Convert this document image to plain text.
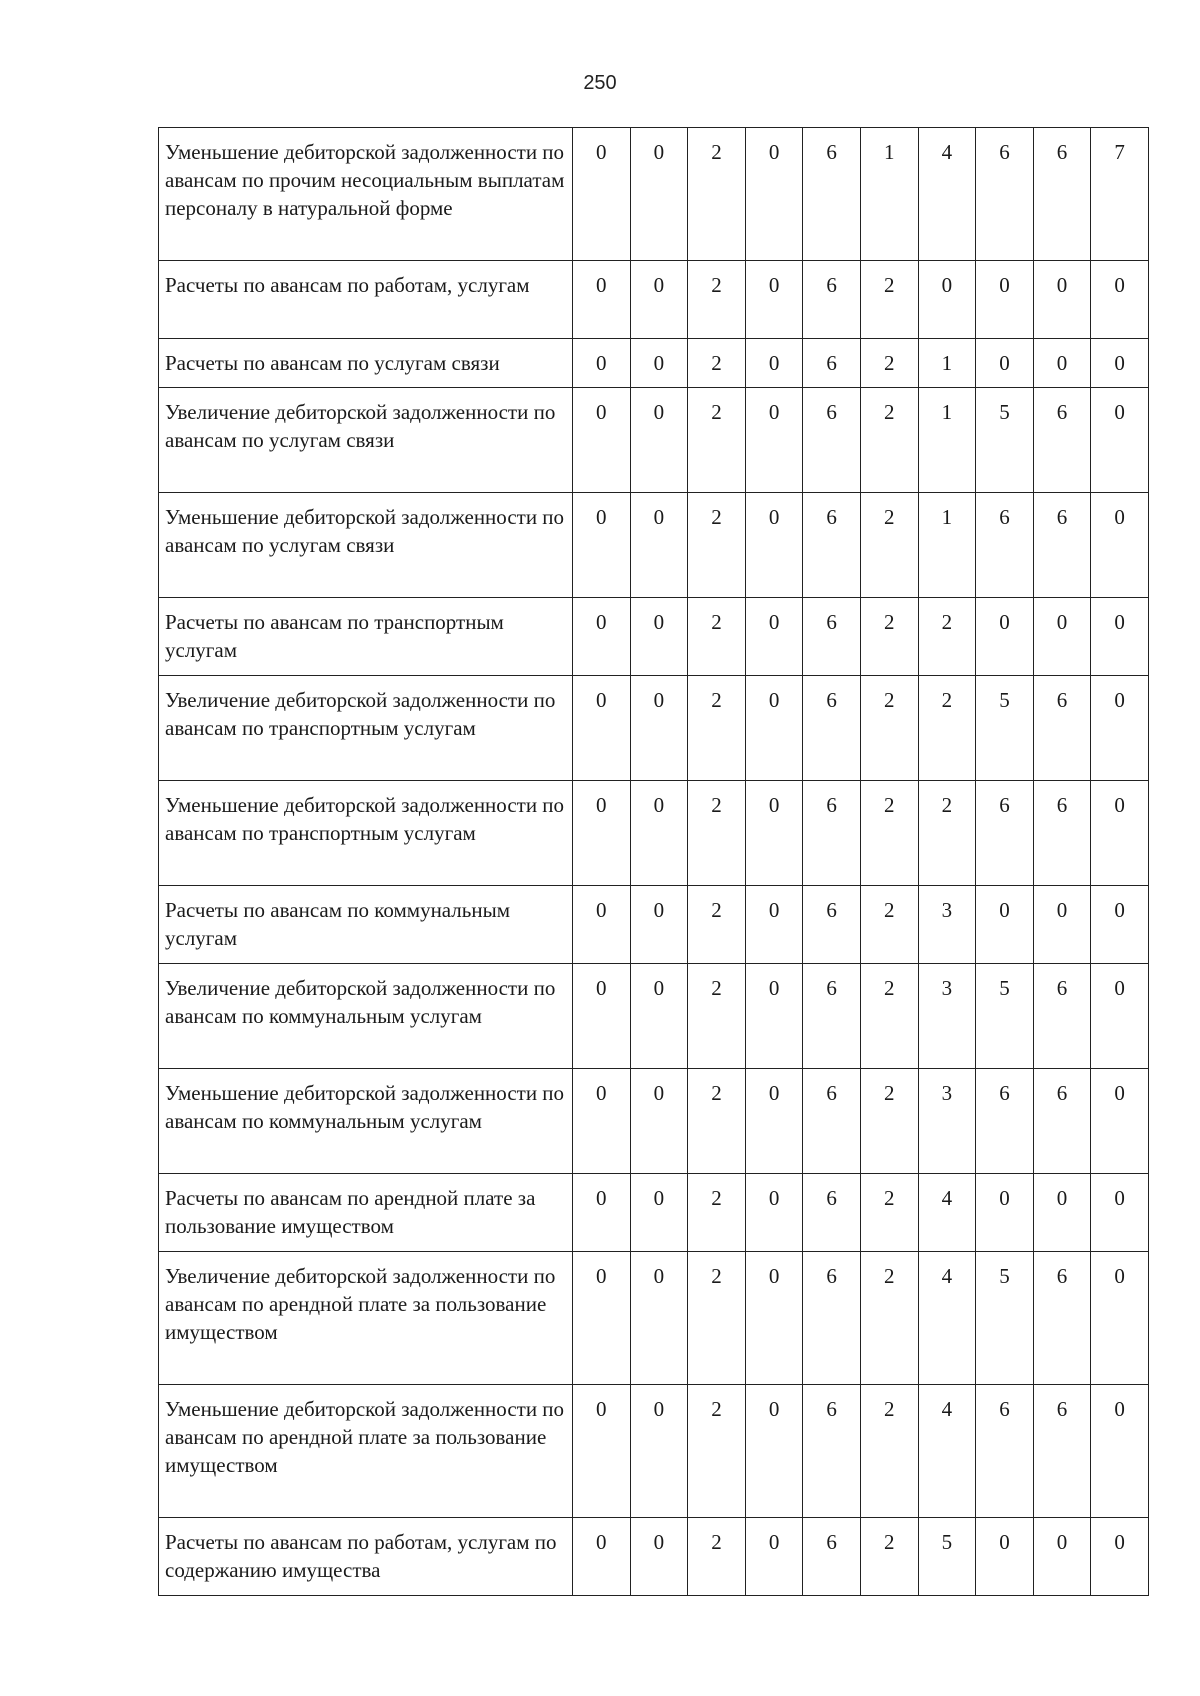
250
Уменьшение дебиторской задолженности по авансам по прочим несоциальным выплатам персоналу в натуральной форме	0	0	2	0	6	1	4	6	6	7
Расчеты по авансам по работам, услугам	0	0	2	0	6	2	0	0	0	0
Расчеты по авансам по услугам связи	0	0	2	0	6	2	1	0	0	0
Увеличение дебиторской задолженности по авансам по услугам связи	0	0	2	0	6	2	1	5	6	0
Уменьшение дебиторской задолженности по авансам по услугам связи	0	0	2	0	6	2	1	6	6	0
Расчеты по авансам по транспортным услугам	0	0	2	0	6	2	2	0	0	0
Увеличение дебиторской задолженности по авансам по транспортным услугам	0	0	2	0	6	2	2	5	6	0
Уменьшение дебиторской задолженности по авансам по транспортным услугам	0	0	2	0	6	2	2	6	6	0
Расчеты по авансам по коммунальным услугам	0	0	2	0	6	2	3	0	0	0
Увеличение дебиторской задолженности по авансам по коммунальным услугам	0	0	2	0	6	2	3	5	6	0
Уменьшение дебиторской задолженности по авансам по коммунальным услугам	0	0	2	0	6	2	3	6	6	0
Расчеты по авансам по арендной плате за пользование имуществом	0	0	2	0	6	2	4	0	0	0
Увеличение дебиторской задолженности по авансам по арендной плате за пользование имуществом	0	0	2	0	6	2	4	5	6	0
Уменьшение дебиторской задолженности по авансам по арендной плате за пользование имуществом	0	0	2	0	6	2	4	6	6	0
Расчеты по авансам по работам, услугам по содержанию имущества	0	0	2	0	6	2	5	0	0	0
